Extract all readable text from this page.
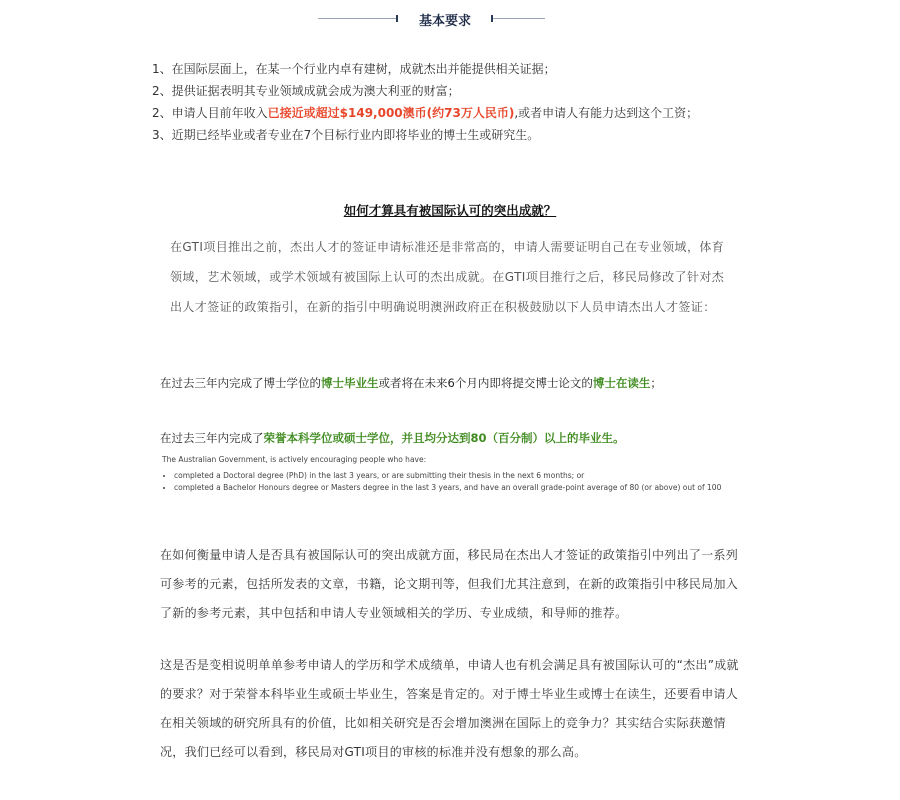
基本要求
1、在国际层面上，在某一个行业内卓有建树，成就杰出并能提供相关证据；
2、提供证据表明其专业领域成就会成为澳大利亚的财富；
2、申请人目前年收入已接近或超过$149,000澳币(约73万人民币),或者申请人有能力达到这个工资；
3、近期已经毕业或者专业在7个目标行业内即将毕业的博士生或研究生。
如何才算具有被国际认可的突出成就？
在GTI项目推出之前，杰出人才的签证申请标准还是非常高的，申请人需要证明自己在专业领域，体育领域，艺术领域，或学术领域有被国际上认可的杰出成就。在GTI项目推行之后，移民局修改了针对杰出人才签证的政策指引，在新的指引中明确说明澳洲政府正在积极鼓励以下人员申请杰出人才签证：
在过去三年内完成了博士学位的博士毕业生或者将在未来6个月内即将提交博士论文的博士在读生；
在过去三年内完成了荣誉本科学位或硕士学位，并且均分达到80（百分制）以上的毕业生。
The Australian Government, is actively encouraging people who have:
• completed a Doctoral degree (PhD) in the last 3 years, or are submitting their thesis in the next 6 months; or
• completed a Bachelor Honours degree or Masters degree in the last 3 years, and have an overall grade-point average of 80 (or above) out of 100
在如何衡量申请人是否具有被国际认可的突出成就方面，移民局在杰出人才签证的政策指引中列出了一系列可参考的元素，包括所发表的文章，书籍，论文期刊等，但我们尤其注意到，在新的政策指引中移民局加入了新的参考元素，其中包括和申请人专业领域相关的学历、专业成绩，和导师的推荐。
这是否是变相说明单单参考申请人的学历和学术成绩单，申请人也有机会满足具有被国际认可的“杰出”成就的要求？对于荣誉本科毕业生或硕士毕业生，答案是肯定的。对于博士毕业生或博士在读生，还要看申请人在相关领域的研究所具有的价值，比如相关研究是否会增加澳洲在国际上的竞争力？其实结合实际获邀情况，我们已经可以看到，移民局对GTI项目的审核的标准并没有想象的那么高。
